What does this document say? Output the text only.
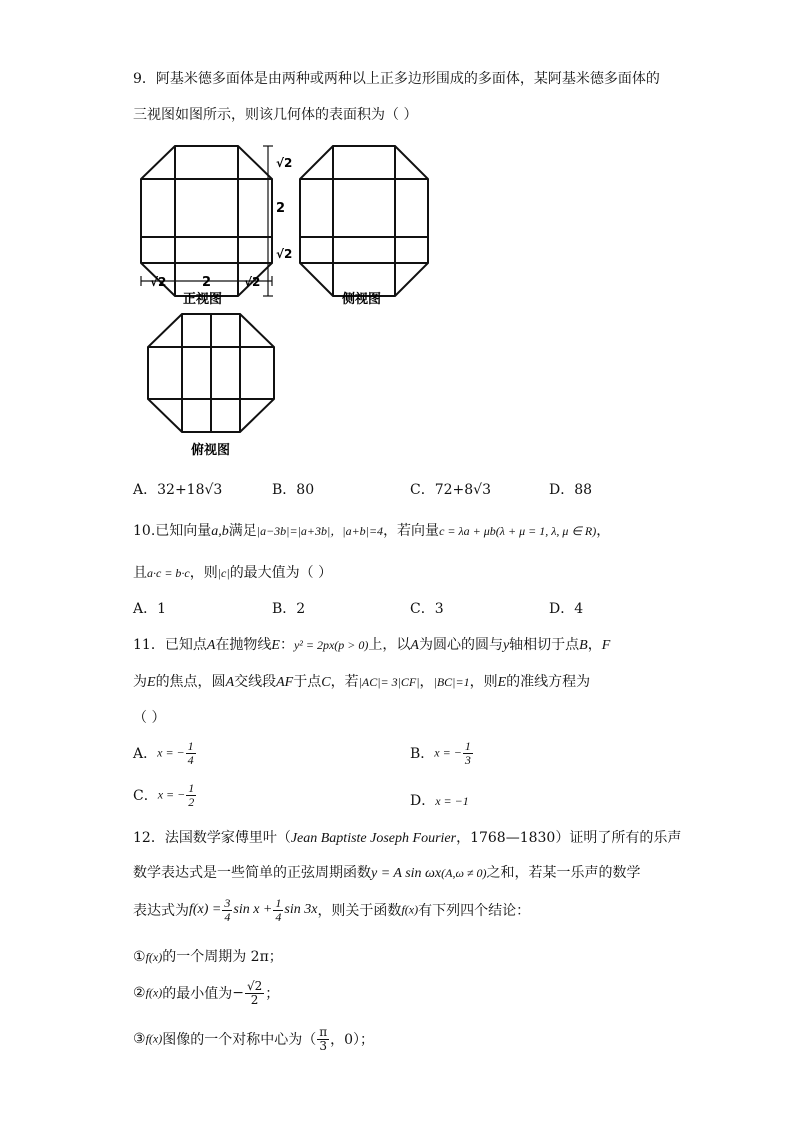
9．阿基米德多面体是由两种或两种以上正多边形围成的多面体，某阿基米德多面体的
三视图如图所示，则该几何体的表面积为（ ）
√2
2
√2
√2	2	√2
正视图	侧视图
俯视图
A．32+18√3	B．80	C．72+8√3	D．88
10.已知向量a,b满足|a−3b|=|a+3b|，|a+b|=4，若向量c = λa + μb(λ + μ = 1, λ, μ ∈ R)，
且a·c = b·c，则|c|的最大值为（ ）
A．1	B．2	C．3	D．4
11．已知点A在抛物线E：y² = 2px(p > 0)上，以A为圆心的圆与y轴相切于点B，F
为E的焦点，圆A交线段AF于点C，若|AC|= 3|CF|，|BC|=1，则E的准线方程为
（ ）
A．x = − $\frac{1}{4}$	B．x = − $\frac{1}{3}$
C．x = − $\frac{1}{2}$	D．x = −1
12．法国数学家傅里叶（Jean Baptiste Joseph Fourier，1768—1830）证明了所有的乐声
数学表达式是一些简单的正弦周期函数y = A sin ωx(A,ω ≠ 0)之和，若某一乐声的数学
表达式为$f(x) = \frac{3}{4}$ $\sin x + \frac{1}{4}$ sin 3x，则关于函数f(x)有下列四个结论：
①f(x)的一个周期为 2π；
②f(x)的最小值为− $\frac{√2}{2}$ ；
③f(x)图像的一个对称中心为（ $\frac{\pi}{3}$ ，0）；
